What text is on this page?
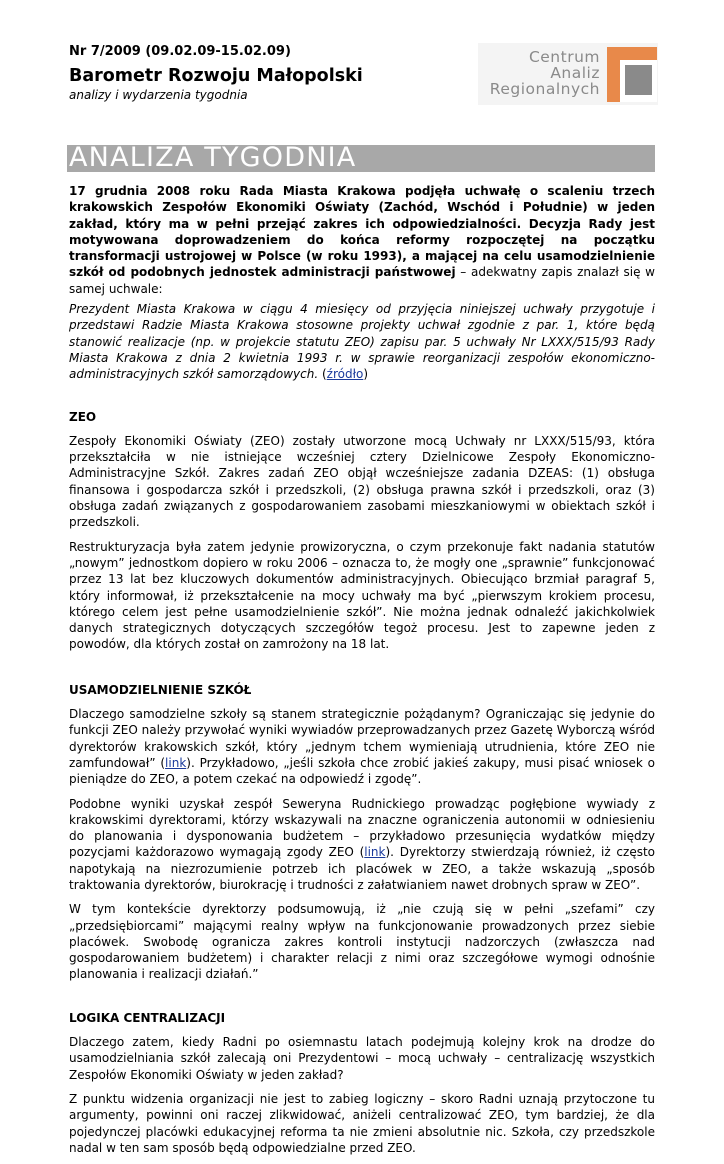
Nr 7/2009 (09.02.09-15.02.09)

Barometr Rozwoju Małopolski

analizy i wydarzenia tygodnia

Centrum
Analiz
Regionalnych
ANALIZA TYGODNIA

17 grudnia 2008 roku Rada Miasta Krakowa podjęła uchwałę o scaleniu trzech krakowskich Zespołów Ekonomiki Oświaty (Zachód, Wschód i Południe) w jeden zakład, który ma w pełni przejąć zakres ich odpowiedzialności. Decyzja Rady jest motywowana doprowadzeniem do końca reformy rozpoczętej na początku transformacji ustrojowej w Polsce (w roku 1993), a mającej na celu usamodzielnienie szkół od podobnych jednostek administracji państwowej – adekwatny zapis znalazł się w samej uchwale:

Prezydent Miasta Krakowa w ciągu 4 miesięcy od przyjęcia niniejszej uchwały przygotuje i przedstawi Radzie Miasta Krakowa stosowne projekty uchwał zgodnie z par. 1, które będą stanowić realizacje (np. w projekcie statutu ZEO) zapisu par. 5 uchwały Nr LXXX/515/93 Rady Miasta Krakowa z dnia 2 kwietnia 1993 r. w sprawie reorganizacji zespołów ekonomiczno-administracyjnych szkół samorządowych. (źródło)

ZEO

Zespoły Ekonomiki Oświaty (ZEO) zostały utworzone mocą Uchwały nr LXXX/515/93, która przekształciła w nie istniejące wcześniej cztery Dzielnicowe Zespoły Ekonomiczno-Administracyjne Szkół. Zakres zadań ZEO objął wcześniejsze zadania DZEAS: (1) obsługa finansowa i gospodarcza szkół i przedszkoli, (2) obsługa prawna szkół i przedszkoli, oraz (3) obsługa zadań związanych z gospodarowaniem zasobami mieszkaniowymi w obiektach szkół i przedszkoli.

Restrukturyzacja była zatem jedynie prowizoryczna, o czym przekonuje fakt nadania statutów „nowym” jednostkom dopiero w roku 2006 – oznacza to, że mogły one „sprawnie” funkcjonować przez 13 lat bez kluczowych dokumentów administracyjnych. Obiecująco brzmiał paragraf 5, który informował, iż przekształcenie na mocy uchwały ma być „pierwszym krokiem procesu, którego celem jest pełne usamodzielnienie szkół”. Nie można jednak odnaleźć jakichkolwiek danych strategicznych dotyczących szczegółów tegoż procesu. Jest to zapewne jeden z powodów, dla których został on zamrożony na 18 lat.

USAMODZIELNIENIE SZKÓŁ

Dlaczego samodzielne szkoły są stanem strategicznie pożądanym? Ograniczając się jedynie do funkcji ZEO należy przywołać wyniki wywiadów przeprowadzanych przez Gazetę Wyborczą wśród dyrektorów krakowskich szkół, który „jednym tchem wymieniają utrudnienia, które ZEO nie zamfundował” (link). Przykładowo, „jeśli szkoła chce zrobić jakieś zakupy, musi pisać wniosek o pieniądze do ZEO, a potem czekać na odpowiedź i zgodę”.

Podobne wyniki uzyskał zespół Seweryna Rudnickiego prowadząc pogłębione wywiady z krakowskimi dyrektorami, którzy wskazywali na znaczne ograniczenia autonomii w odniesieniu do planowania i dysponowania budżetem – przykładowo przesunięcia wydatków między pozycjami każdorazowo wymagają zgody ZEO (link). Dyrektorzy stwierdzają również, iż często napotykają na niezrozumienie potrzeb ich placówek w ZEO, a także wskazują „sposób traktowania dyrektorów, biurokrację i trudności z załatwianiem nawet drobnych spraw w ZEO”.

W tym kontekście dyrektorzy podsumowują, iż „nie czują się w pełni „szefami” czy „przedsiębiorcami” mającymi realny wpływ na funkcjonowanie prowadzonych przez siebie placówek. Swobodę ogranicza zakres kontroli instytucji nadzorczych (zwłaszcza nad gospodarowaniem budżetem) i charakter relacji z nimi oraz szczegółowe wymogi odnośnie planowania i realizacji działań.”

LOGIKA CENTRALIZACJI

Dlaczego zatem, kiedy Radni po osiemnastu latach podejmują kolejny krok na drodze do usamodzielniania szkół zalecają oni Prezydentowi – mocą uchwały – centralizację wszystkich Zespołów Ekonomiki Oświaty w jeden zakład?

Z punktu widzenia organizacji nie jest to zabieg logiczny – skoro Radni uznają przytoczone tu argumenty, powinni oni raczej zlikwidować, aniżeli centralizować ZEO, tym bardziej, że dla pojedynczej placówki edukacyjnej reforma ta nie zmieni absolutnie nic. Szkoła, czy przedszkole nadal w ten sam sposób będą odpowiedzialne przed ZEO.
